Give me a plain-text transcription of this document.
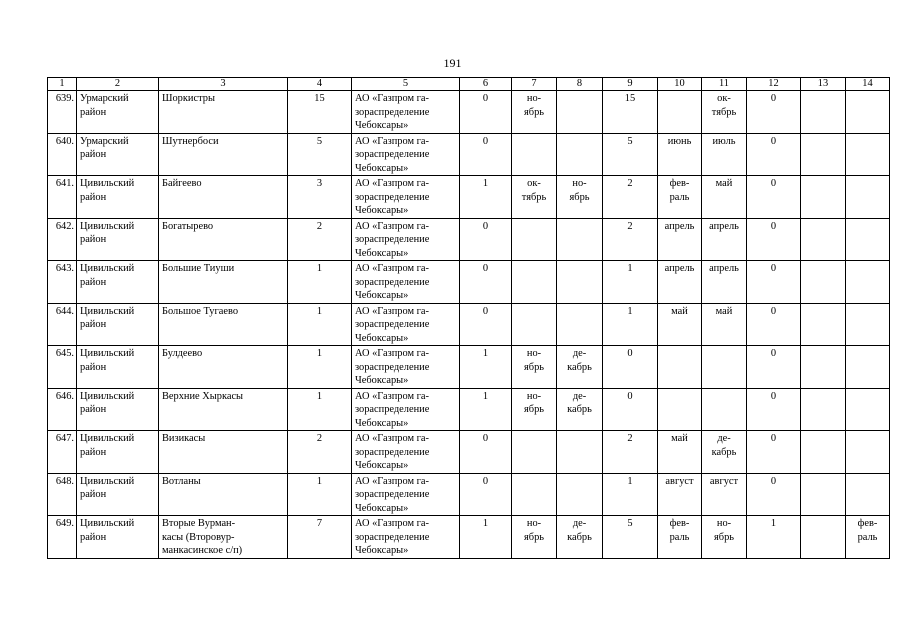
191
1	2	3	4	5	6	7	8	9	10	11	12	13	14
639.	Урмарский район	Шоркистры	15	АО «Газпром га-
зораспределение
Чебоксары»	0	но-
ябрь		15		ок-
тябрь	0		
640.	Урмарский район	Шутнербоси	5	АО «Газпром га-
зораспределение
Чебоксары»	0			5	июнь	июль	0		
641.	Цивильский район	Байгеево	3	АО «Газпром га-
зораспределение
Чебоксары»	1	ок-
тябрь	но-
ябрь	2	фев-
раль	май	0		
642.	Цивильский район	Богатырево	2	АО «Газпром га-
зораспределение
Чебоксары»	0			2	апрель	апрель	0		
643.	Цивильский район	Большие Тиуши	1	АО «Газпром га-
зораспределение
Чебоксары»	0			1	апрель	апрель	0		
644.	Цивильский район	Большое Тугаево	1	АО «Газпром га-
зораспределение
Чебоксары»	0			1	май	май	0		
645.	Цивильский район	Булдеево	1	АО «Газпром га-
зораспределение
Чебоксары»	1	но-
ябрь	де-
кабрь	0			0		
646.	Цивильский район	Верхние Хыркасы	1	АО «Газпром га-
зораспределение
Чебоксары»	1	но-
ябрь	де-
кабрь	0			0		
647.	Цивильский район	Визикасы	2	АО «Газпром га-
зораспределение
Чебоксары»	0			2	май	де-
кабрь	0		
648.	Цивильский район	Вотланы	1	АО «Газпром га-
зораспределение
Чебоксары»	0			1	август	август	0		
649.	Цивильский район	Вторые Вурман-
касы (Второвур-
манкасинское с/п)	7	АО «Газпром га-
зораспределение
Чебоксары»	1	но-
ябрь	де-
кабрь	5	фев-
раль	но-
ябрь	1		фев-
раль
